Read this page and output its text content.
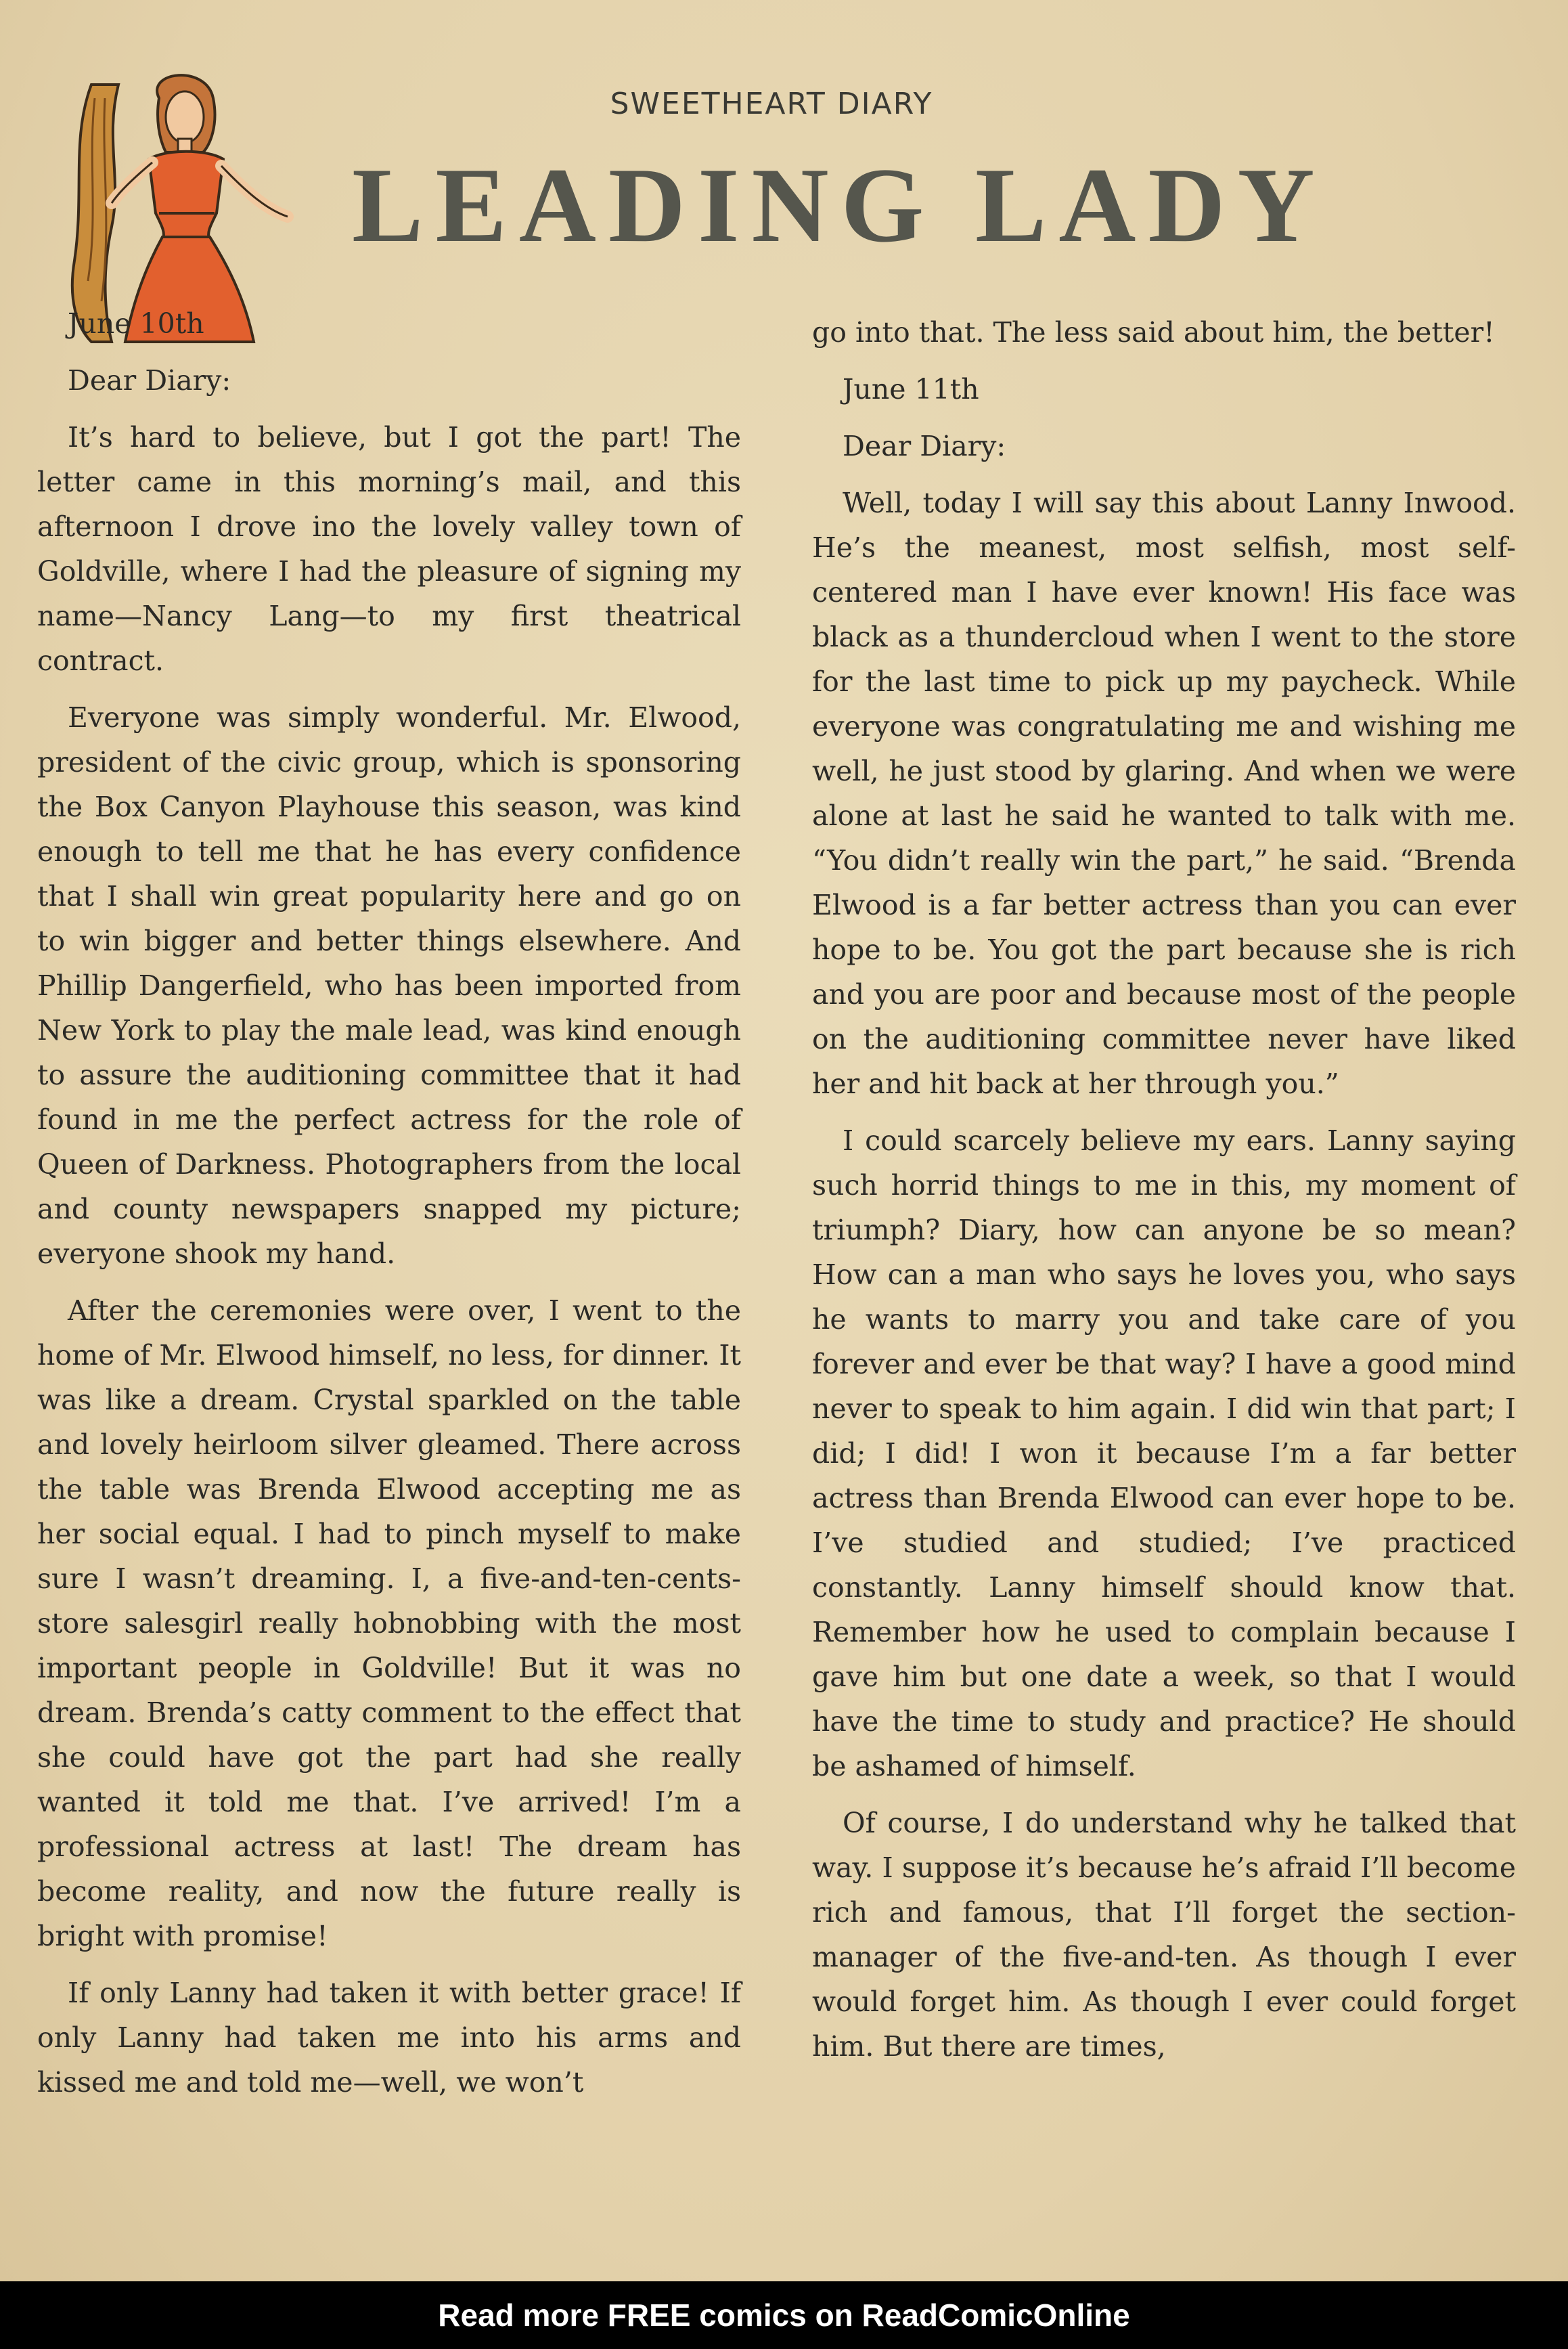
SWEETHEART DIARY
LEADING LADY

June 10th

Dear Diary:

It’s hard to believe, but I got the part! The letter came in this morning’s mail, and this afternoon I drove ino the lovely valley town of Goldville, where I had the pleasure of signing my name—Nancy Lang—to my first theatrical contract.

Everyone was simply wonderful. Mr. Elwood, president of the civic group, which is sponsoring the Box Canyon Playhouse this season, was kind enough to tell me that he has every confidence that I shall win great popularity here and go on to win bigger and better things elsewhere. And Phillip Dangerfield, who has been imported from New York to play the male lead, was kind enough to assure the auditioning committee that it had found in me the perfect actress for the role of Queen of Darkness. Photographers from the local and county newspapers snapped my picture; everyone shook my hand.

After the ceremonies were over, I went to the home of Mr. Elwood himself, no less, for dinner. It was like a dream. Crystal sparkled on the table and lovely heirloom silver gleamed. There across the table was Brenda Elwood accepting me as her social equal. I had to pinch myself to make sure I wasn’t dreaming. I, a five-and-ten-cents-store salesgirl really hobnobbing with the most important people in Goldville! But it was no dream. Brenda’s catty comment to the effect that she could have got the part had she really wanted it told me that. I’ve arrived! I’m a professional actress at last! The dream has become reality, and now the future really is bright with promise!

If only Lanny had taken it with better grace! If only Lanny had taken me into his arms and kissed me and told me—well, we won’t

go into that. The less said about him, the better!

June 11th

Dear Diary:

Well, today I will say this about Lanny Inwood. He’s the meanest, most selfish, most self-centered man I have ever known! His face was black as a thundercloud when I went to the store for the last time to pick up my paycheck. While everyone was congratulating me and wishing me well, he just stood by glaring. And when we were alone at last he said he wanted to talk with me. “You didn’t really win the part,” he said. “Brenda Elwood is a far better actress than you can ever hope to be. You got the part because she is rich and you are poor and because most of the people on the auditioning committee never have liked her and hit back at her through you.”

I could scarcely believe my ears. Lanny saying such horrid things to me in this, my moment of triumph? Diary, how can anyone be so mean? How can a man who says he loves you, who says he wants to marry you and take care of you forever and ever be that way? I have a good mind never to speak to him again. I did win that part; I did; I did! I won it because I’m a far better actress than Brenda Elwood can ever hope to be. I’ve studied and studied; I’ve practiced constantly. Lanny himself should know that. Remember how he used to complain because I gave him but one date a week, so that I would have the time to study and practice? He should be ashamed of himself.

Of course, I do understand why he talked that way. I suppose it’s because he’s afraid I’ll become rich and famous, that I’ll forget the section-manager of the five-and-ten. As though I ever would forget him. As though I ever could forget him. But there are times,

Read more FREE comics on ReadComicOnline
